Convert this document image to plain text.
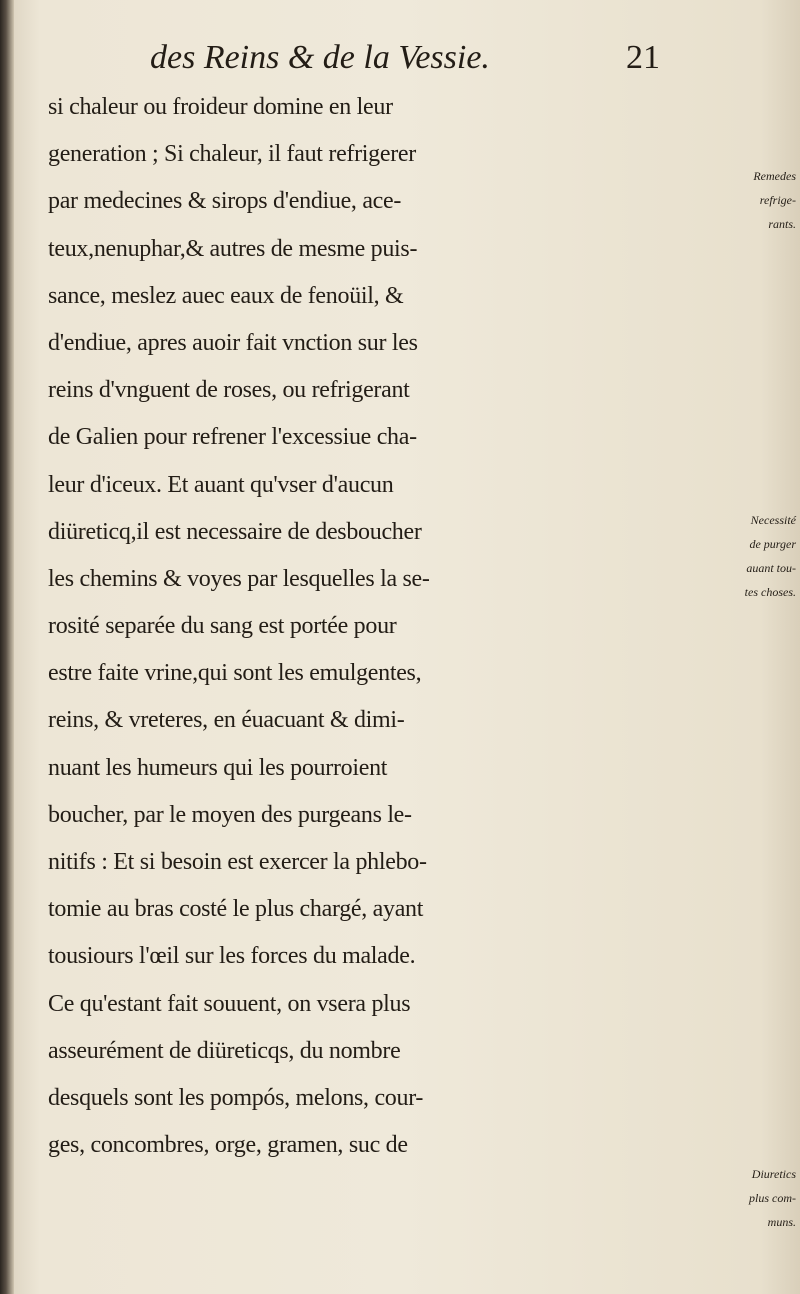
des Reins & de la Vessie.	21
si chaleur ou froideur domine en leur
generation ; Si chaleur, il faut refrigerer
par medecines & sirops d'endiue, ace-
teux,nenuphar,& autres de mesme puis-
sance, meslez auec eaux de fenoüil, &
d'endiue, apres auoir fait vnction sur les
reins d'vnguent de roses, ou refrigerant
de Galien pour refrener l'excessiue cha-
leur d'iceux. Et auant qu'vser d'aucun
diüreticq,il est necessaire de desboucher
les chemins & voyes par lesquelles la se-
rosité separée du sang est portée pour
estre faite vrine,qui sont les emulgentes,
reins, & vreteres, en éuacuant & dimi-
nuant les humeurs qui les pourroient
boucher, par le moyen des purgeans le-
nitifs : Et si besoin est exercer la phlebo-
tomie au bras costé le plus chargé, ayant
tousiours l'œil sur les forces du malade.
Ce qu'estant fait souuent, on vsera plus
asseurément de diüreticqs, du nombre
desquels sont les pompós, melons, cour-
ges, concombres, orge, gramen, suc de
Remedes
refrige-
rants.
Necessité
de purger
auant tou-
tes choses.
Diuretics
plus com-
muns.
